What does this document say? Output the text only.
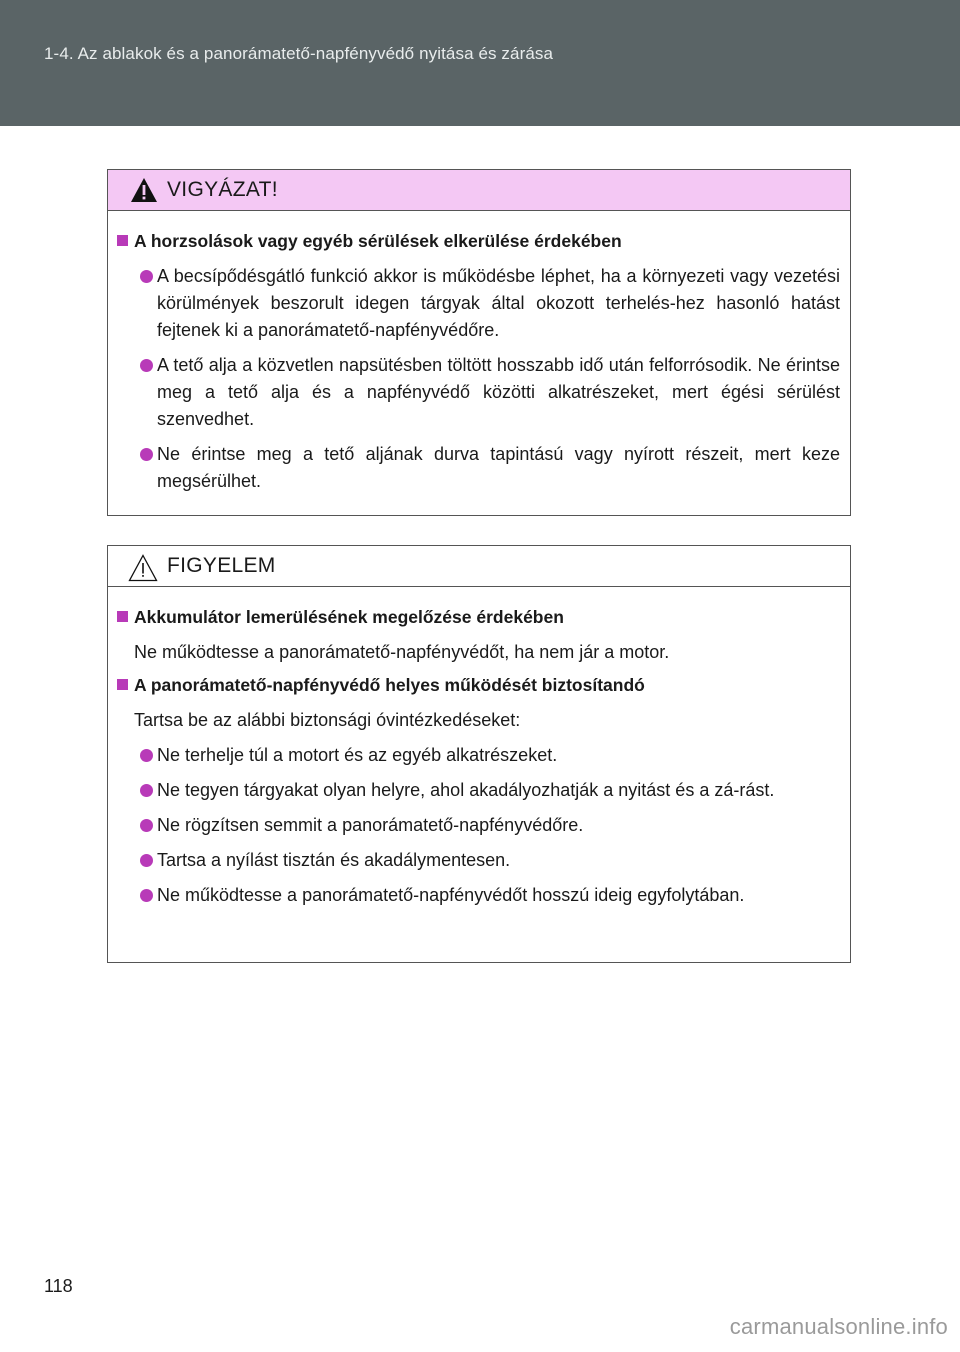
1-4. Az ablakok és a panorámatető-napfényvédő nyitása és zárása
VIGYÁZAT!
A horzsolások vagy egyéb sérülések elkerülése érdekében
A becsípődésgátló funkció akkor is működésbe léphet, ha a környezeti vagy vezetési körülmények beszorult idegen tárgyak által okozott terhelés-hez hasonló hatást fejtenek ki a panorámatető-napfényvédőre.
A tető alja a közvetlen napsütésben töltött hosszabb idő után felforrósodik. Ne érintse meg a tető alja és a napfényvédő közötti alkatrészeket, mert égési sérülést szenvedhet.
Ne érintse meg a tető aljának durva tapintású vagy nyírott részeit, mert keze megsérülhet.
FIGYELEM
Akkumulátor lemerülésének megelőzése érdekében

Ne működtesse a panorámatető-napfényvédőt, ha nem jár a motor.

A panorámatető-napfényvédő helyes működését biztosítandó

Tartsa be az alábbi biztonsági óvintézkedéseket:

Ne terhelje túl a motort és az egyéb alkatrészeket.
Ne tegyen tárgyakat olyan helyre, ahol akadályozhatják a nyitást és a zá-rást.
Ne rögzítsen semmit a panorámatető-napfényvédőre.
Tartsa a nyílást tisztán és akadálymentesen.
Ne működtesse a panorámatető-napfényvédőt hosszú ideig egyfolytában.
118
carmanualsonline.info
